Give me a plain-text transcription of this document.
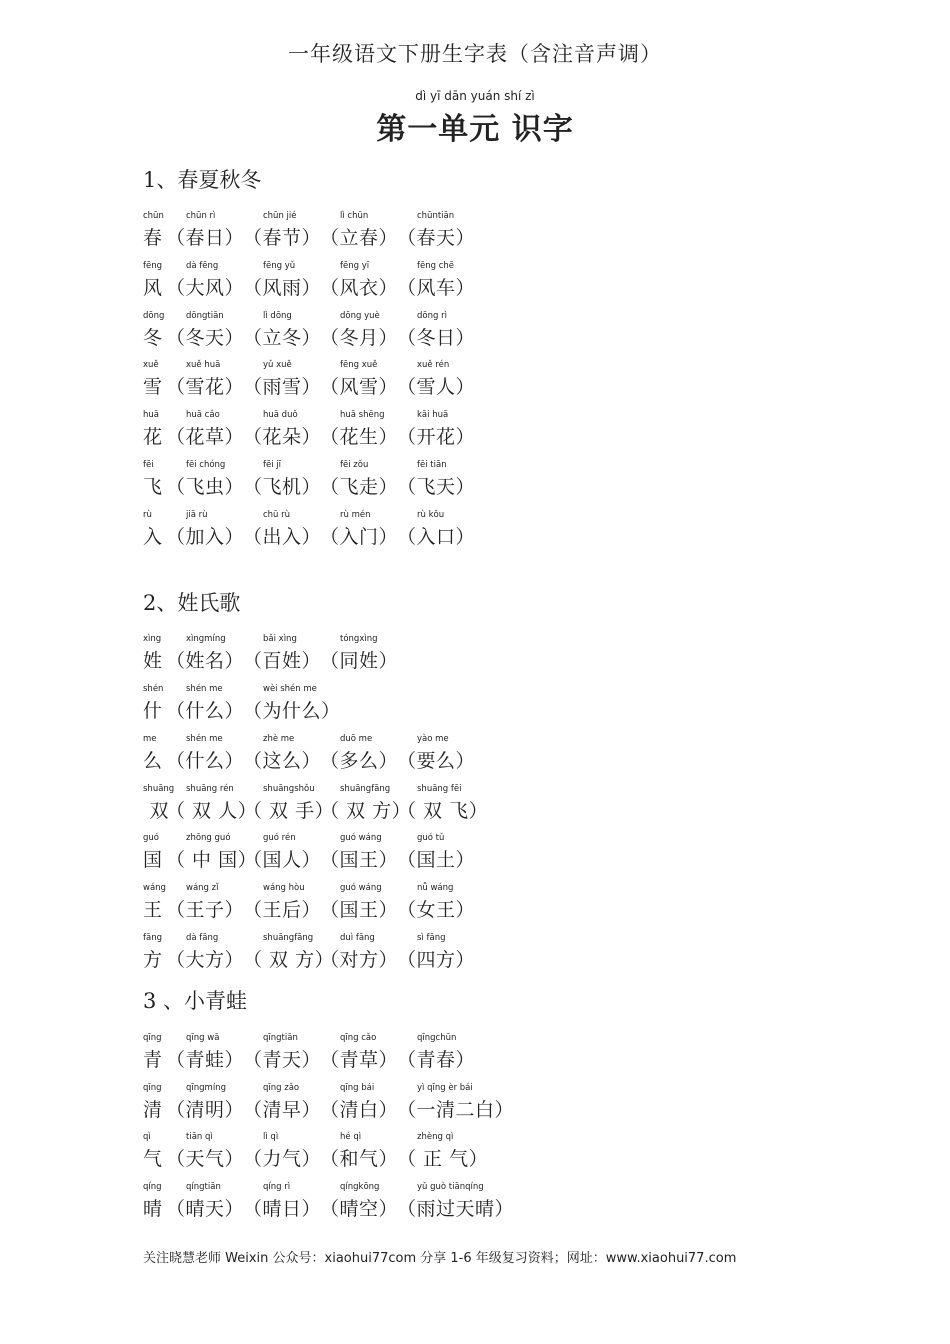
一年级语文下册生字表（含注音声调）
dì yī dān yuán shí zì
第一单元 识字
1、春夏秋冬
2、姓氏歌
3 、小青蛙
chūn
春
chūn rì
（春日）
chūn jié
（春节）
lì chūn
（立春）
chūntiān
（春天）
fēng
风
dà fēng
（大风）
fēng yǔ
（风雨）
fēng yī
（风衣）
fēng chē
（风车）
dōng
冬
dōngtiān
（冬天）
lì dōng
（立冬）
dōng yuè
（冬月）
dōng rì
（冬日）
xuě
雪
xuě huā
（雪花）
yǔ xuě
（雨雪）
fēng xuě
（风雪）
xuě rén
（雪人）
huā
花
huā cǎo
（花草）
huā duǒ
（花朵）
huā shēng
（花生）
kāi huā
（开花）
fēi
飞
fēi chóng
（飞虫）
fēi jī
（飞机）
fēi zǒu
（飞走）
fēi tiān
（飞天）
rù
入
jiā rù
（加入）
chū rù
（出入）
rù mén
（入门）
rù kǒu
（入口）
xìng
姓
xìngmíng
（姓名）
bǎi xìng
（百姓）
tóngxìng
（同姓）
shén
什
shén me
（什么）
wèi shén me
（为什么）
me
么
shén me
（什么）
zhè me
（这么）
duō me
（多么）
yào me
（要么）
shuāng
双
shuāng rén
（ 双 人）
shuāngshǒu
（ 双 手）
shuāngfāng
（ 双 方）
shuāng fēi
（ 双 飞）
guó
国
zhōng guó
（ 中 国）
guó rén
（国人）
guó wáng
（国王）
guó tǔ
（国土）
wáng
王
wáng zǐ
（王子）
wáng hòu
（王后）
guó wáng
（国王）
nǚ wáng
（女王）
fāng
方
dà fāng
（大方）
shuāngfāng
（ 双 方）
duì fāng
（对方）
sì fāng
（四方）
qīng
青
qīng wā
（青蛙）
qīngtiān
（青天）
qīng cǎo
（青草）
qīngchūn
（青春）
qīng
清
qīngmíng
（清明）
qīng zǎo
（清早）
qīng bái
（清白）
yì qīng èr bái
（一清二白）
qì
气
tiān qì
（天气）
lì qì
（力气）
hé qì
（和气）
zhèng qì
（ 正 气）
qíng
晴
qíngtiān
（晴天）
qíng rì
（晴日）
qíngkōng
（晴空）
yǔ guò tiānqíng
（雨过天晴）
关注晓慧老师 Weixin 公众号：xiaohui77com 分享 1-6 年级复习资料；网址：www.xiaohui77.com
